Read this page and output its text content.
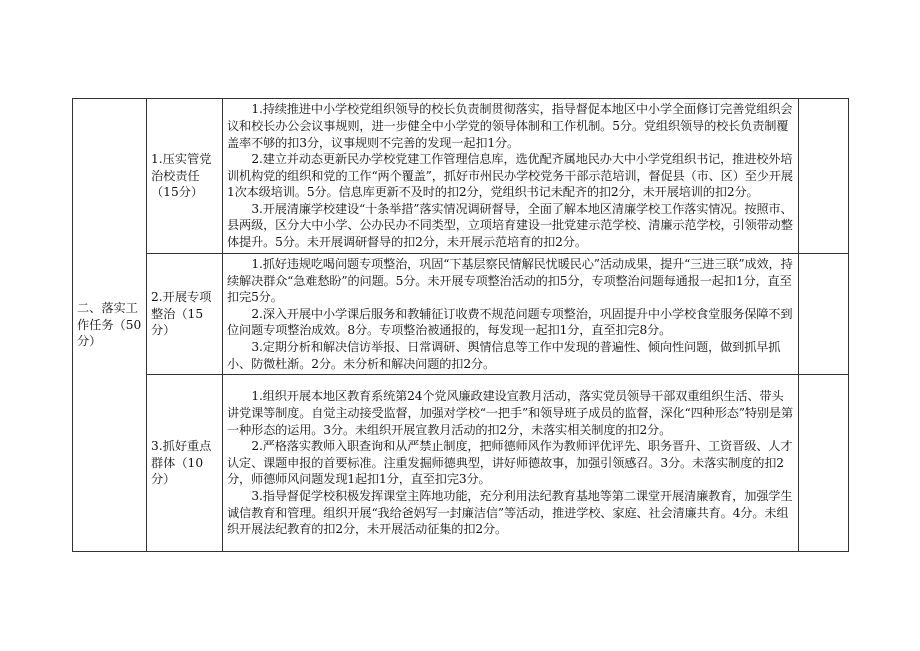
二、落实工作任务（50分）	1.压实管党治校责任（15分）	1.持续推进中小学校党组织领导的校长负责制贯彻落实，指导督促本地区中小学全面修订完善党组织会议和校长办公会议事规则，进一步健全中小学党的领导体制和工作机制。5分。党组织领导的校长负责制覆盖率不够的扣3分，议事规则不完善的发现一起扣1分。

2.建立并动态更新民办学校党建工作管理信息库，选优配齐属地民办大中小学党组织书记，推进校外培训机构党的组织和党的工作“两个覆盖”，抓好市州民办学校党务干部示范培训，督促县（市、区）至少开展1次本级培训。5分。信息库更新不及时的扣2分，党组织书记未配齐的扣2分，未开展培训的扣2分。

3.开展清廉学校建设“十条举措”落实情况调研督导，全面了解本地区清廉学校工作落实情况。按照市、县两级，区分大中小学、公办民办不同类型，立项培育建设一批党建示范学校、清廉示范学校，引领带动整体提升。5分。未开展调研督导的扣2分，未开展示范培育的扣2分。	

	2.开展专项整治（15分）	1.抓好违规吃喝问题专项整治，巩固“下基层察民情解民忧暖民心”活动成果，提升“三进三联”成效，持续解决群众“急难愁盼”的问题。5分。未开展专项整治活动的扣5分，专项整治问题每通报一起扣1分，直至扣完5分。

2.深入开展中小学课后服务和教辅征订收费不规范问题专项整治，巩固提升中小学校食堂服务保障不到位问题专项整治成效。8分。专项整治被通报的，每发现一起扣1分，直至扣完8分。

3.定期分析和解决信访举报、日常调研、舆情信息等工作中发现的普遍性、倾向性问题，做到抓早抓小、防微杜渐。2分。未分析和解决问题的扣2分。	

	3.抓好重点群体（10分）	1.组织开展本地区教育系统第24个党风廉政建设宣教月活动，落实党员领导干部双重组织生活、带头讲党课等制度。自觉主动接受监督，加强对学校“一把手”和领导班子成员的监督，深化“四种形态”特别是第一种形态的运用。3分。未组织开展宣教月活动的扣2分，未落实相关制度的扣2分。

2.严格落实教师入职查询和从严禁止制度，把师德师风作为教师评优评先、职务晋升、工资晋级、人才认定、课题申报的首要标准。注重发掘师德典型，讲好师德故事，加强引领感召。3分。未落实制度的扣2分，师德师风问题发现1起扣1分，直至扣完3分。

3.指导督促学校积极发挥课堂主阵地功能，充分利用法纪教育基地等第二课堂开展清廉教育，加强学生诚信教育和管理。组织开展“我给爸妈写一封廉洁信”等活动，推进学校、家庭、社会清廉共育。4分。未组织开展法纪教育的扣2分，未开展活动征集的扣2分。	
